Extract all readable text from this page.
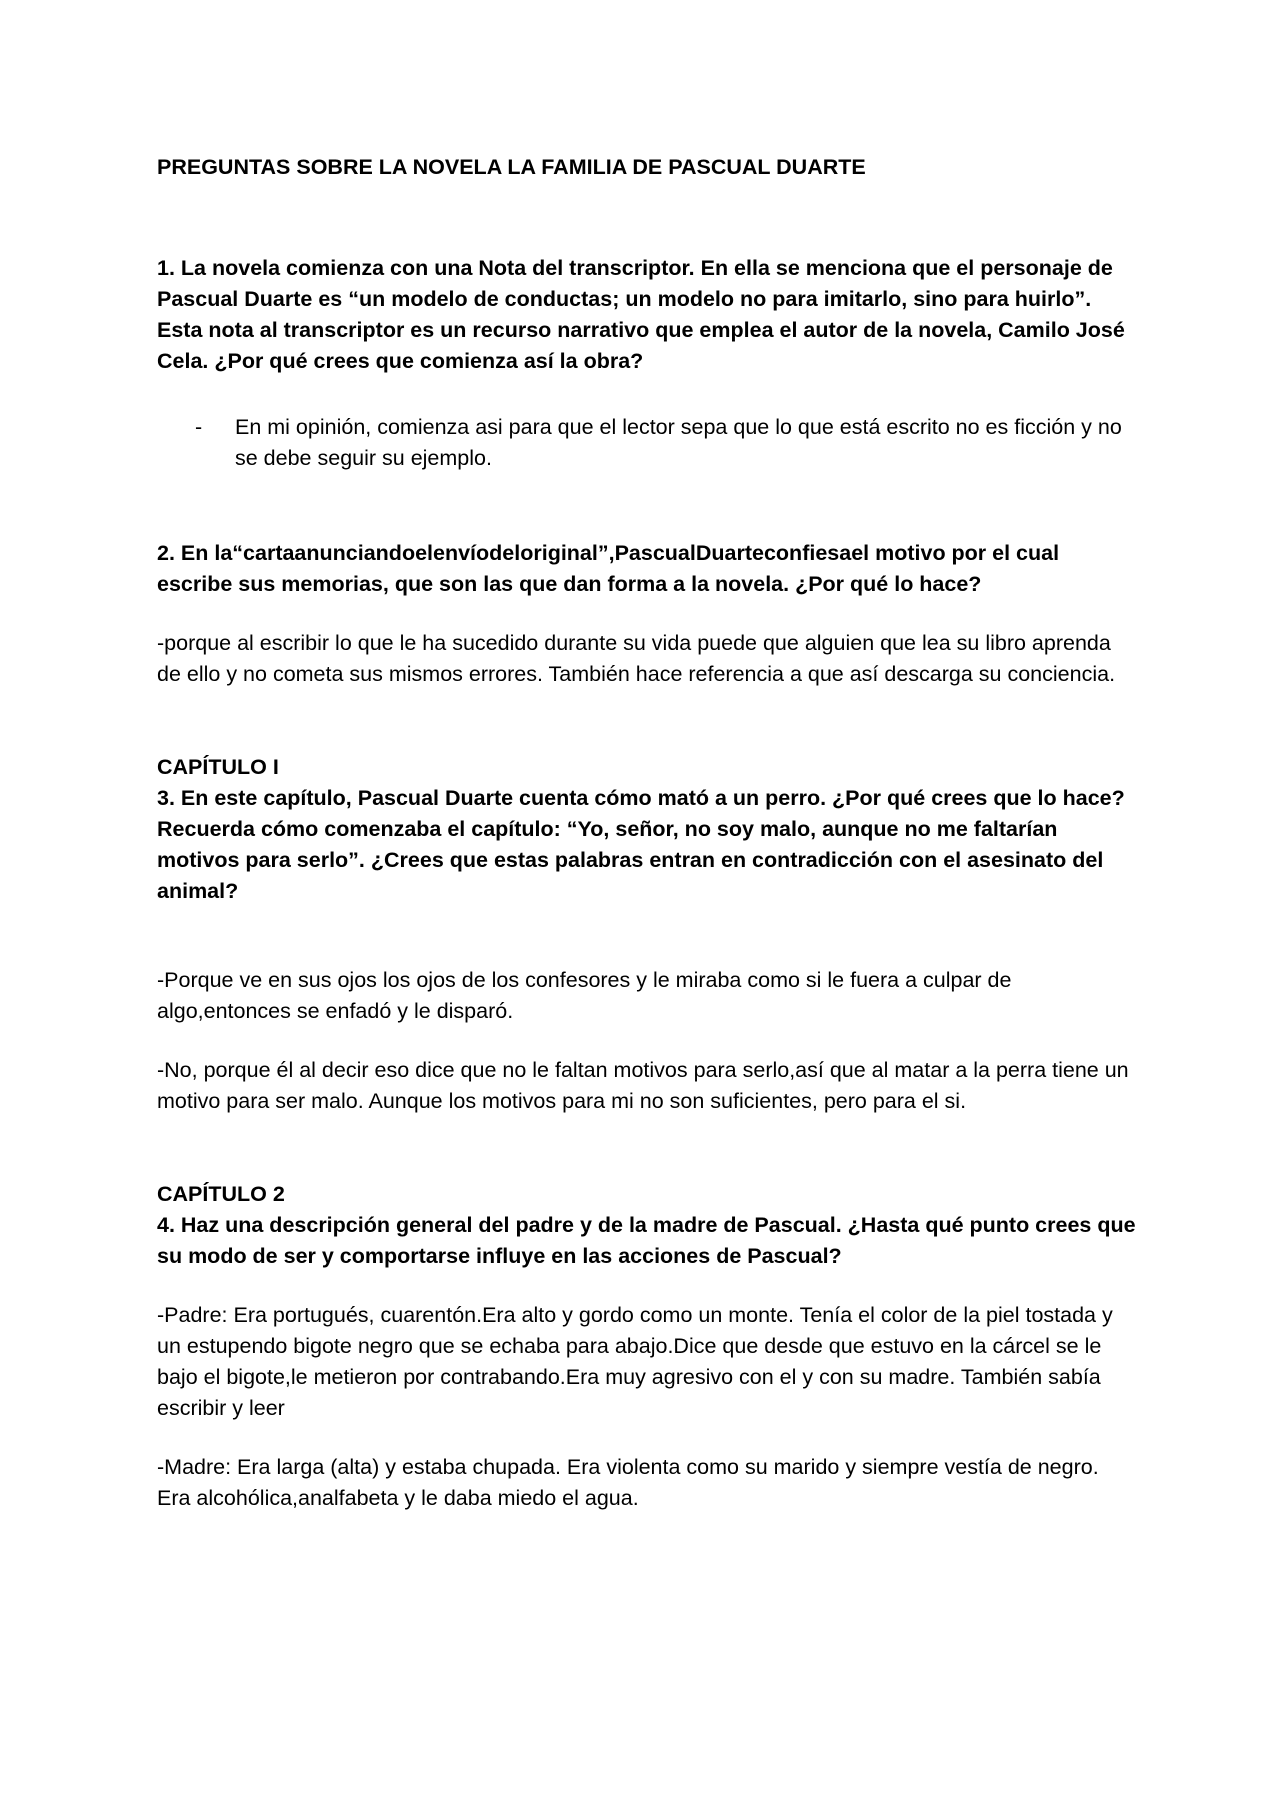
PREGUNTAS SOBRE LA NOVELA LA FAMILIA DE PASCUAL DUARTE

1. La novela comienza con una Nota del transcriptor. En ella se menciona que el personaje de Pascual Duarte es “un modelo de conductas; un modelo no para imitarlo, sino para huirlo”. Esta nota al transcriptor es un recurso narrativo que emplea el autor de la novela, Camilo José Cela. ¿Por qué crees que comienza así la obra?

-	En mi opinión, comienza asi para que el lector sepa que lo que está escrito no es ficción y no se debe seguir su ejemplo.

2. En la“cartaanunciandoelenvíodeloriginal”,PascualDuarteconfiesael motivo por el cual escribe sus memorias, que son las que dan forma a la novela. ¿Por qué lo hace?

-porque al escribir lo que le ha sucedido durante su vida puede que alguien que lea su libro aprenda de ello y no cometa sus mismos errores. También hace referencia a que así descarga su conciencia.

CAPÍTULO I

3. En este capítulo, Pascual Duarte cuenta cómo mató a un perro. ¿Por qué crees que lo hace? Recuerda cómo comenzaba el capítulo: “Yo, señor, no soy malo, aunque no me faltarían motivos para serlo”. ¿Crees que estas palabras entran en contradicción con el asesinato del animal?

-Porque ve en sus ojos los ojos de los confesores y le miraba como si le fuera a culpar de algo,entonces se enfadó y le disparó.

-No, porque él al decir eso dice que no le faltan motivos para serlo,así que al matar a la perra tiene un motivo para ser malo. Aunque los motivos para mi no son suficientes, pero para el si.

CAPÍTULO 2

4. Haz una descripción general del padre y de la madre de Pascual. ¿Hasta qué punto crees que su modo de ser y comportarse influye en las acciones de Pascual?

-Padre: Era portugués, cuarentón.Era alto y gordo como un monte. Tenía el color de la piel tostada y un estupendo bigote negro que se echaba para abajo.Dice que desde que estuvo en la cárcel se le bajo el bigote,le metieron por contrabando.Era muy agresivo con el y con su madre. También sabía escribir y leer

-Madre: Era larga (alta) y estaba chupada. Era violenta como su marido y siempre vestía de negro. Era alcohólica,analfabeta y le daba miedo el agua.
